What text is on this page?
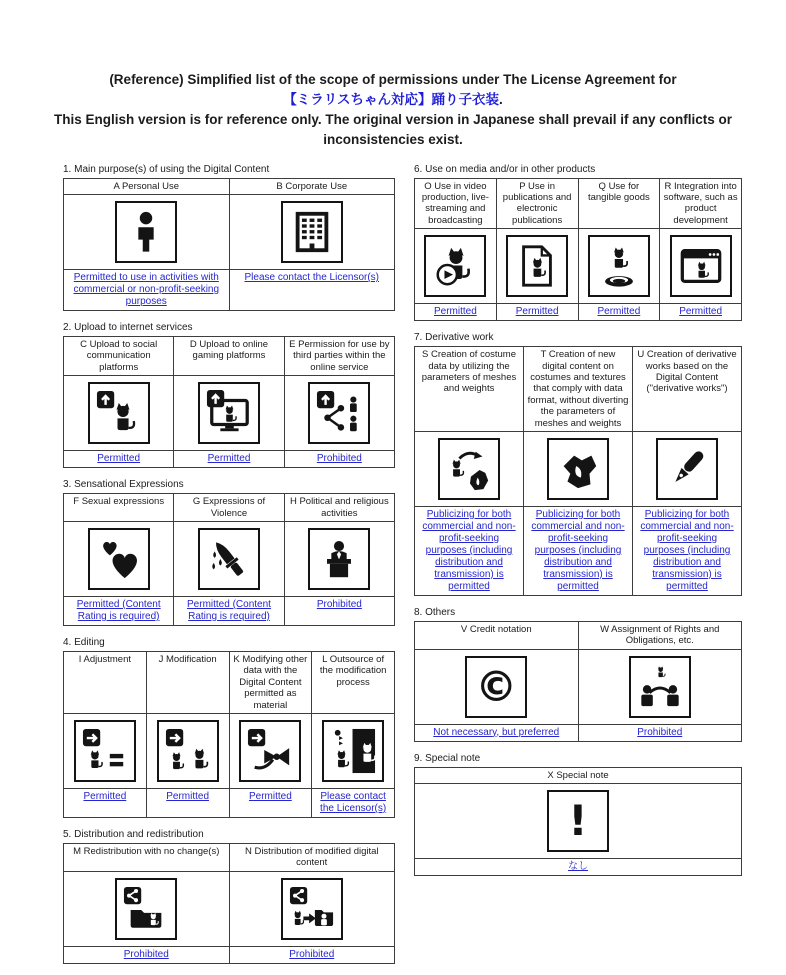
(Reference) Simplified list of the scope of permissions under The License Agreement for
【ミラリスちゃん対応】踊り子衣装.
This English version is for reference only. The original version in Japanese shall prevail if any conflicts or inconsistencies exist.
1. Main purpose(s) of using the Digital Content
A Personal Use	B Corporate Use

Permitted to use in activities with commercial or non-profit-seeking purposes	Please contact the Licensor(s)
2. Upload to internet services
C Upload to social communication platforms	D Upload to online gaming platforms	E Permission for use by third parties within the online service

Permitted	Permitted	Prohibited
3. Sensational Expressions
F Sexual expressions	G Expressions of Violence	H Political and religious activities

Permitted (Content Rating is required)	Permitted (Content Rating is required)	Prohibited
4. Editing
I Adjustment	J Modification	K Modifying other data with the Digital Content permitted as material	L Outsource of the modification process

Permitted	Permitted	Permitted	Please contact the Licensor(s)
5. Distribution and redistribution
M Redistribution with no change(s)	N Distribution of modified digital content

Prohibited	Prohibited
6. Use on media and/or in other products
O Use in video production, live-streaming and broadcasting	P Use in publications and electronic publications	Q Use for tangible goods	R Integration into software, such as product development

Permitted	Permitted	Permitted	Permitted
7. Derivative work
S Creation of costume data by utilizing the parameters of meshes and weights	T Creation of new digital content on costumes and textures that comply with data format, without diverting the parameters of meshes and weights	U Creation of derivative works based on the Digital Content ("derivative works")

Publicizing for both commercial and non-profit-seeking purposes (including distribution and transmission) is permitted	Publicizing for both commercial and non-profit-seeking purposes (including distribution and transmission) is permitted	Publicizing for both commercial and non-profit-seeking purposes (including distribution and transmission) is permitted
8. Others
V Credit notation	W Assignment of Rights and Obligations, etc.

©

Not necessary, but preferred	Prohibited
9. Special note
X Special note

!

なし
